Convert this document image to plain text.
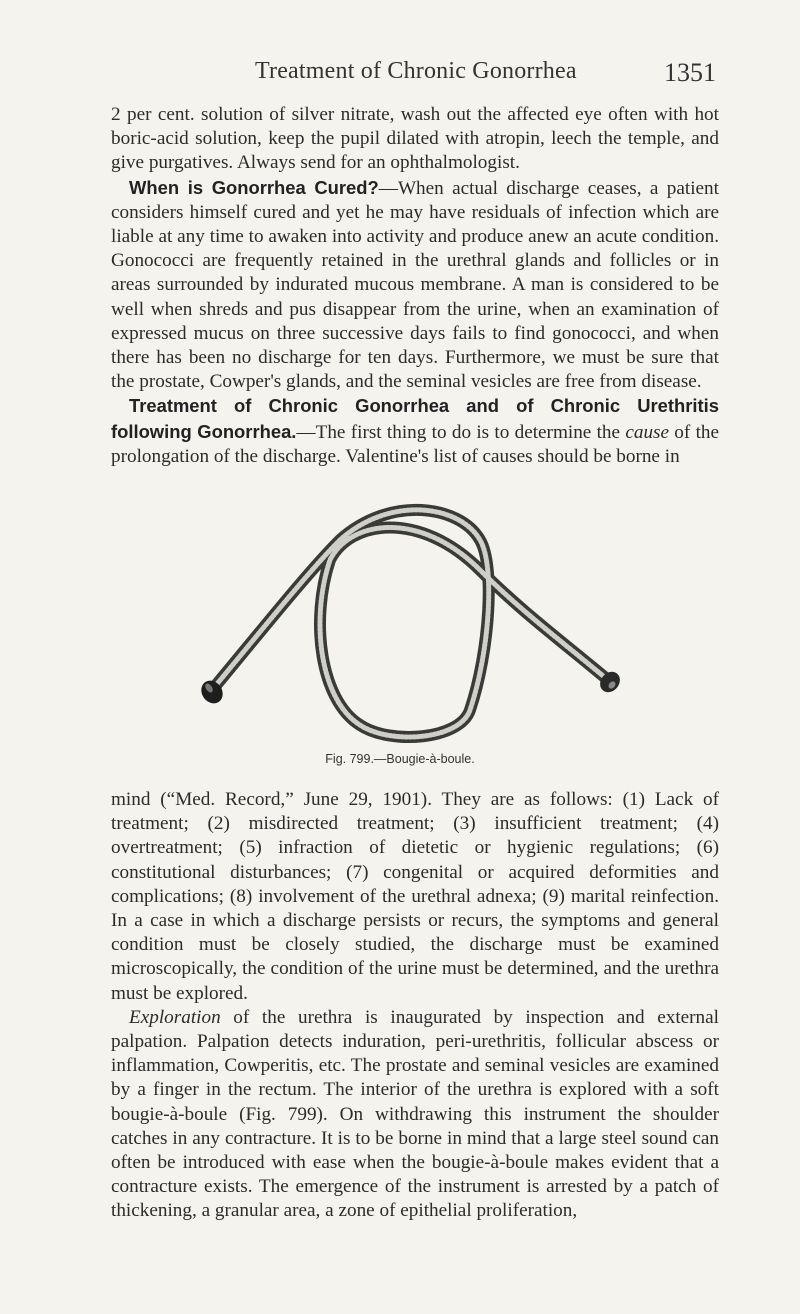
Treatment of Chronic Gonorrhea	1351

2 per cent. solution of silver nitrate, wash out the affected eye often with hot boric-acid solution, keep the pupil dilated with atropin, leech the temple, and give purgatives. Always send for an ophthalmologist.

When is Gonorrhea Cured?—When actual discharge ceases, a patient considers himself cured and yet he may have residuals of infection which are liable at any time to awaken into activity and produce anew an acute condition. Gonococci are frequently retained in the urethral glands and follicles or in areas surrounded by indurated mucous membrane. A man is considered to be well when shreds and pus disappear from the urine, when an examination of expressed mucus on three successive days fails to find gonococci, and when there has been no discharge for ten days. Furthermore, we must be sure that the prostate, Cowper's glands, and the seminal vesicles are free from disease.

Treatment of Chronic Gonorrhea and of Chronic Urethritis following Gonorrhea.—The first thing to do is to determine the cause of the prolongation of the discharge. Valentine's list of causes should be borne in

Fig. 799.—Bougie-à-boule.

mind (“Med. Record,” June 29, 1901). They are as follows: (1) Lack of treatment; (2) misdirected treatment; (3) insufficient treatment; (4) overtreatment; (5) infraction of dietetic or hygienic regulations; (6) constitutional disturbances; (7) congenital or acquired deformities and complications; (8) involvement of the urethral adnexa; (9) marital reinfection. In a case in which a discharge persists or recurs, the symptoms and general condition must be closely studied, the discharge must be examined microscopically, the condition of the urine must be determined, and the urethra must be explored.

Exploration of the urethra is inaugurated by inspection and external palpation. Palpation detects induration, peri-urethritis, follicular abscess or inflammation, Cowperitis, etc. The prostate and seminal vesicles are examined by a finger in the rectum. The interior of the urethra is explored with a soft bougie-à-boule (Fig. 799). On withdrawing this instrument the shoulder catches in any contracture. It is to be borne in mind that a large steel sound can often be introduced with ease when the bougie-à-boule makes evident that a contracture exists. The emergence of the instrument is arrested by a patch of thickening, a granular area, a zone of epithelial proliferation,
